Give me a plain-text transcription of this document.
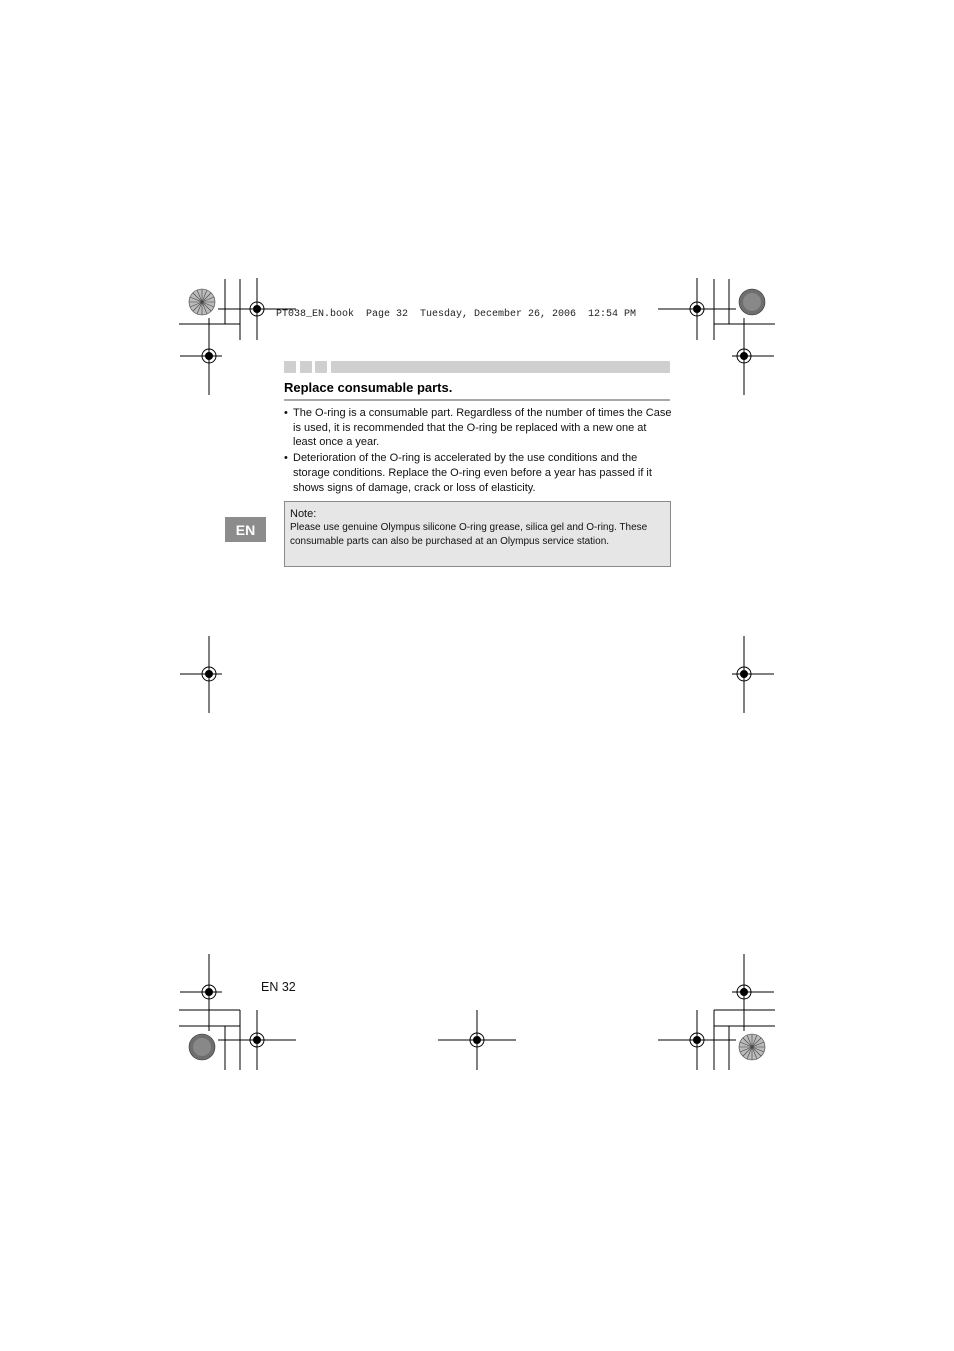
PT038_EN.book  Page 32  Tuesday, December 26, 2006  12:54 PM
Replace consumable parts.
• The O-ring is a consumable part. Regardless of the number of times the Case is used, it is recommended that the O-ring be replaced with a new one at least once a year.
• Deterioration of the O-ring is accelerated by the use conditions and the storage conditions. Replace the O-ring even before a year has passed if it shows signs of damage, crack or loss of elasticity.
EN
Note:
Please use genuine Olympus silicone O-ring grease, silica gel and O-ring. These consumable parts can also be purchased at an Olympus service station.
EN 32
